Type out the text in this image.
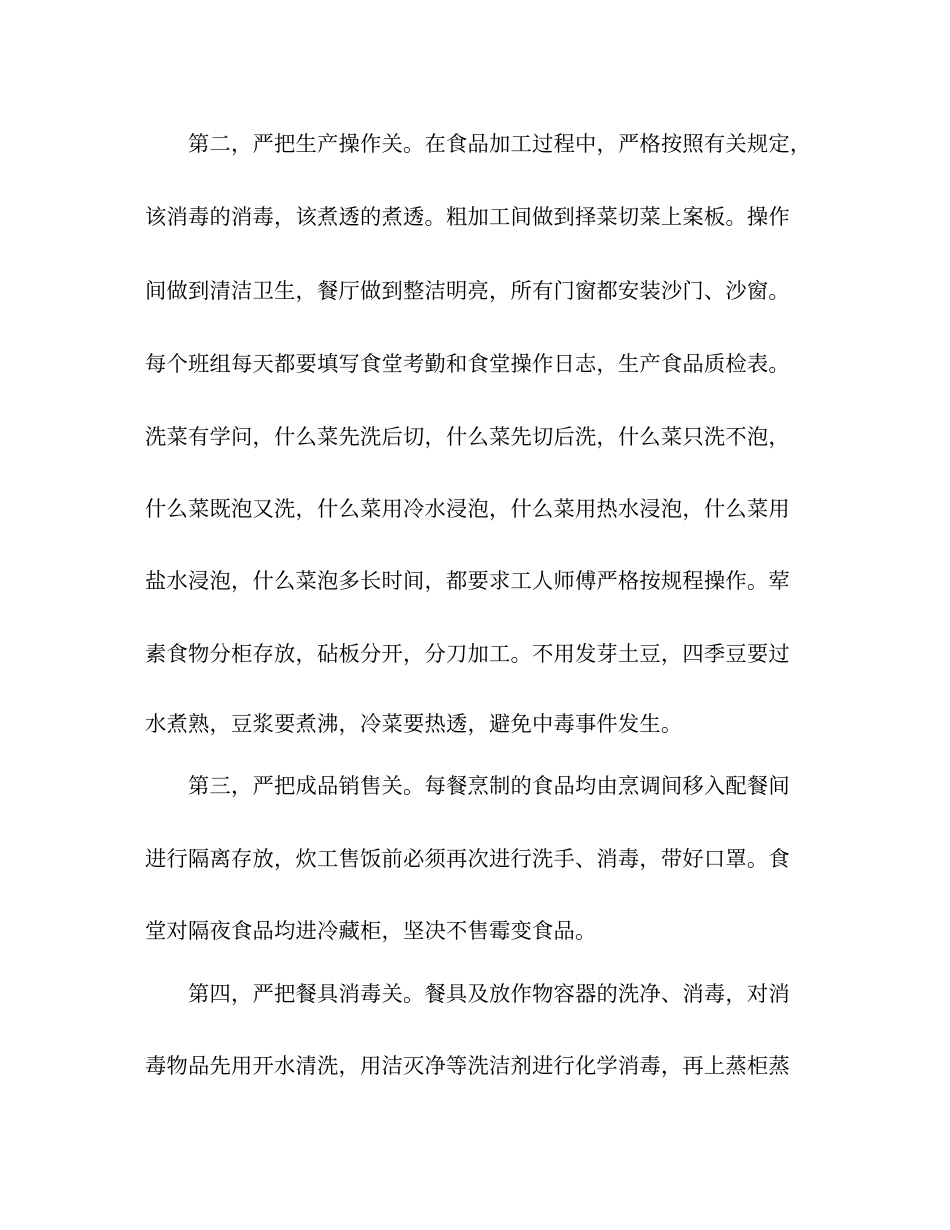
第二，严把生产操作关。在食品加工过程中，严格按照有关规定，

该消毒的消毒，该煮透的煮透。粗加工间做到择菜切菜上案板。操作

间做到清洁卫生，餐厅做到整洁明亮，所有门窗都安装沙门、沙窗。

每个班组每天都要填写食堂考勤和食堂操作日志，生产食品质检表。

洗菜有学问，什么菜先洗后切，什么菜先切后洗，什么菜只洗不泡，

什么菜既泡又洗，什么菜用冷水浸泡，什么菜用热水浸泡，什么菜用

盐水浸泡，什么菜泡多长时间，都要求工人师傅严格按规程操作。荤

素食物分柜存放，砧板分开，分刀加工。不用发芽土豆，四季豆要过

水煮熟，豆浆要煮沸，冷菜要热透，避免中毒事件发生。

第三，严把成品销售关。每餐烹制的食品均由烹调间移入配餐间

进行隔离存放，炊工售饭前必须再次进行洗手、消毒，带好口罩。食

堂对隔夜食品均进冷藏柜，坚决不售霉变食品。

第四，严把餐具消毒关。餐具及放作物容器的洗净、消毒，对消

毒物品先用开水清洗，用洁灭净等洗洁剂进行化学消毒，再上蒸柜蒸
